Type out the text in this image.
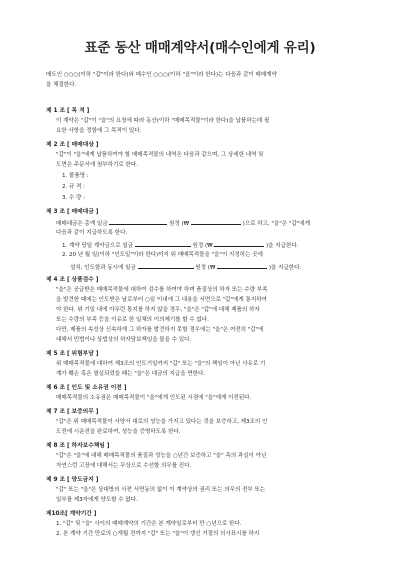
표준 동산 매매계약서(매수인에게 유리)
매도인 ○○○(이하 "갑"이라 한다)와 매수인 ○○○(이하 "을"이라 한다)는 다음과 같이 매매계약
을 체결한다.
제 1 조 [ 목 적 ]
이 계약은 "갑"이 "을"의 요청에 따라 동산(이하 "매매목적물"이라 한다)을 납품하는데 필
요한 사항을 정함에 그 목적이 있다.
제 2 조 [ 매매대상 ]
"갑"이 "을"에게 납품하여야 할 매매목적물의 내역은 다음과 같으며, 그 상세한 내역 및
도면은 주문서에 첨부하기로 한다.
1. 물품명 :
2. 규 격 :
3. 수 량 :
제 3 조 [ 매매대금 ]
매매대금은 총액 일금	원정 (₩	)으로 하고, "을"은 "갑"에게
다음과 같이 지급하도록 한다.
1. 계약 당일 계약금으로 일금	원정 (₩	)을 지급한다.
2. 20 년 월 일(이하 "인도일"이라 한다)까지 위 매매목적물을 "을"이 지정하는 곳에
설치, 인도함과 동시에 일금	원정 (₩	)을 지급한다.
제 4 조 [ 상품검수 ]
"을"은 공급받은 매매목적물에 대하여 검수를 하여야 하며 품질상의 하자 또는 수량 부족
을 발견한 때에는 인도받은 날로부터 ○일 이내에 그 내용을 서면으로 "갑"에게 통지하여
야 한다. 위 기일 내에 아무런 통지를 하지 않을 경우, "을"은 "갑"에 대해 제품의 하자
또는 수량의 부족 등을 이유로 한 일체의 이의제기를 할 수 없다.
다만, 제품의 속성상 신속하게 그 하자를 발견하지 못할 경우에는 "을"은 여전히 "갑"에
대해서 민법이나 상법상의 하자담보책임을 물을 수 있다.
제 5 조 [ 위험부담 ]
위 매매목적물에 대하여 제3조의 인도기일까지 "갑" 또는 "을"의 책임이 아닌 사유로 기
계가 훼손 혹은 멸실되었을 때는 "을"은 대금의 지급을 면한다.
제 6 조 [ 인도 및 소유권 이전 ]
매매목적물의 소유권은 매매목적물이 "을"에게 인도된 시점에 "을"에게 이전된다.
제 7 조 [ 보증의무 ]
"갑"은 위 매매목적물이 사양서 대로의 성능을 가지고 있다는 것을 보증하고, 제3조의 인
도전에 시운전을 완료하여, 성능을 증명하도록 한다.
제 8 조 [ 하자보수책임 ]
"갑"은 "을"에 대해 매매목적물의 품질과 성능을 ○년간 보증하고 "을" 측의 과실이 아닌
자연스런 고장에 대해서는 무상으로 수선할 의무를 진다.
제 9 조 [ 양도금지 ]
"갑" 또는 "을"은 상대방의 사전 서면동의 없이 이 계약상의 권리 또는 의무의 전부 또는
일부를 제3자에게 양도할 수 없다.
제10조[ 계약기간 ]
1. "갑" 및 "을" 사이의 매매계약의 기간은 본 계약일로부터 만 ○년으로 한다.
2. 본 계약 기간 만료의 ○개월 전까지 "갑" 또는 "을"이 갱신 거절의 의사표시를 하지
